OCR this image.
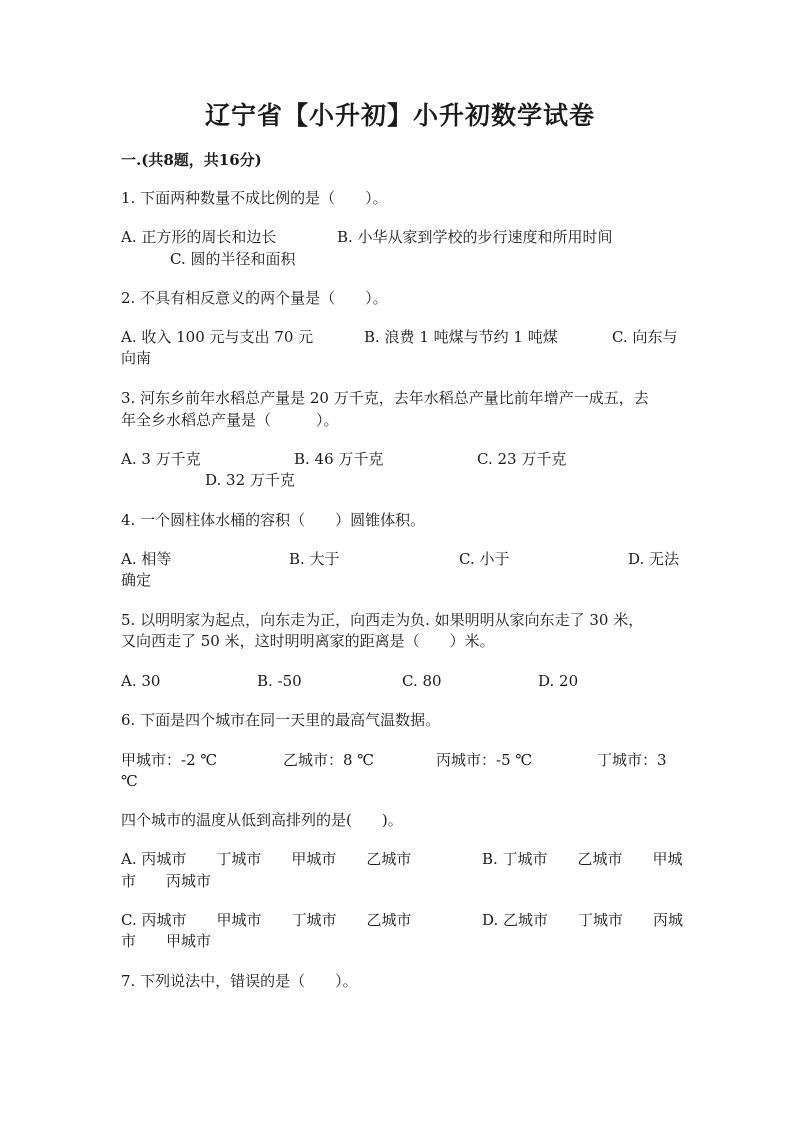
辽宁省【小升初】小升初数学试卷
一.(共8题，共16分)
1. 下面两种数量不成比例的是（　　）。
A. 正方形的周长和边长	B. 小华从家到学校的步行速度和所用时间
C. 圆的半径和面积
2. 不具有相反意义的两个量是（　　）。
A. 收入 100 元与支出 70 元	B. 浪费 1 吨煤与节约 1 吨煤	C. 向东与
向南
3. 河东乡前年水稻总产量是 20 万千克，去年水稻总产量比前年增产一成五，去
年全乡水稻总产量是（　　　）。
A. 3 万千克	B. 46 万千克	C. 23 万千克
D. 32 万千克
4. 一个圆柱体水桶的容积（　　）圆锥体积。
A. 相等	B. 大于	C. 小于	D. 无法
确定
5. 以明明家为起点，向东走为正，向西走为负. 如果明明从家向东走了 30 米，
又向西走了 50 米，这时明明离家的距离是（　　）米。
A. 30	B. -50	C. 80	D. 20
6. 下面是四个城市在同一天里的最高气温数据。
甲城市：-2 ℃	乙城市：8 ℃	丙城市：-5 ℃	丁城市：3
℃
四个城市的温度从低到高排列的是(　　)。
A. 丙城市　　丁城市　　甲城市　　乙城市	B. 丁城市　　乙城市　　甲城
市　　丙城市
C. 丙城市　　甲城市　　丁城市　　乙城市	D. 乙城市　　丁城市　　丙城
市　　甲城市
7. 下列说法中，错误的是（　　）。
